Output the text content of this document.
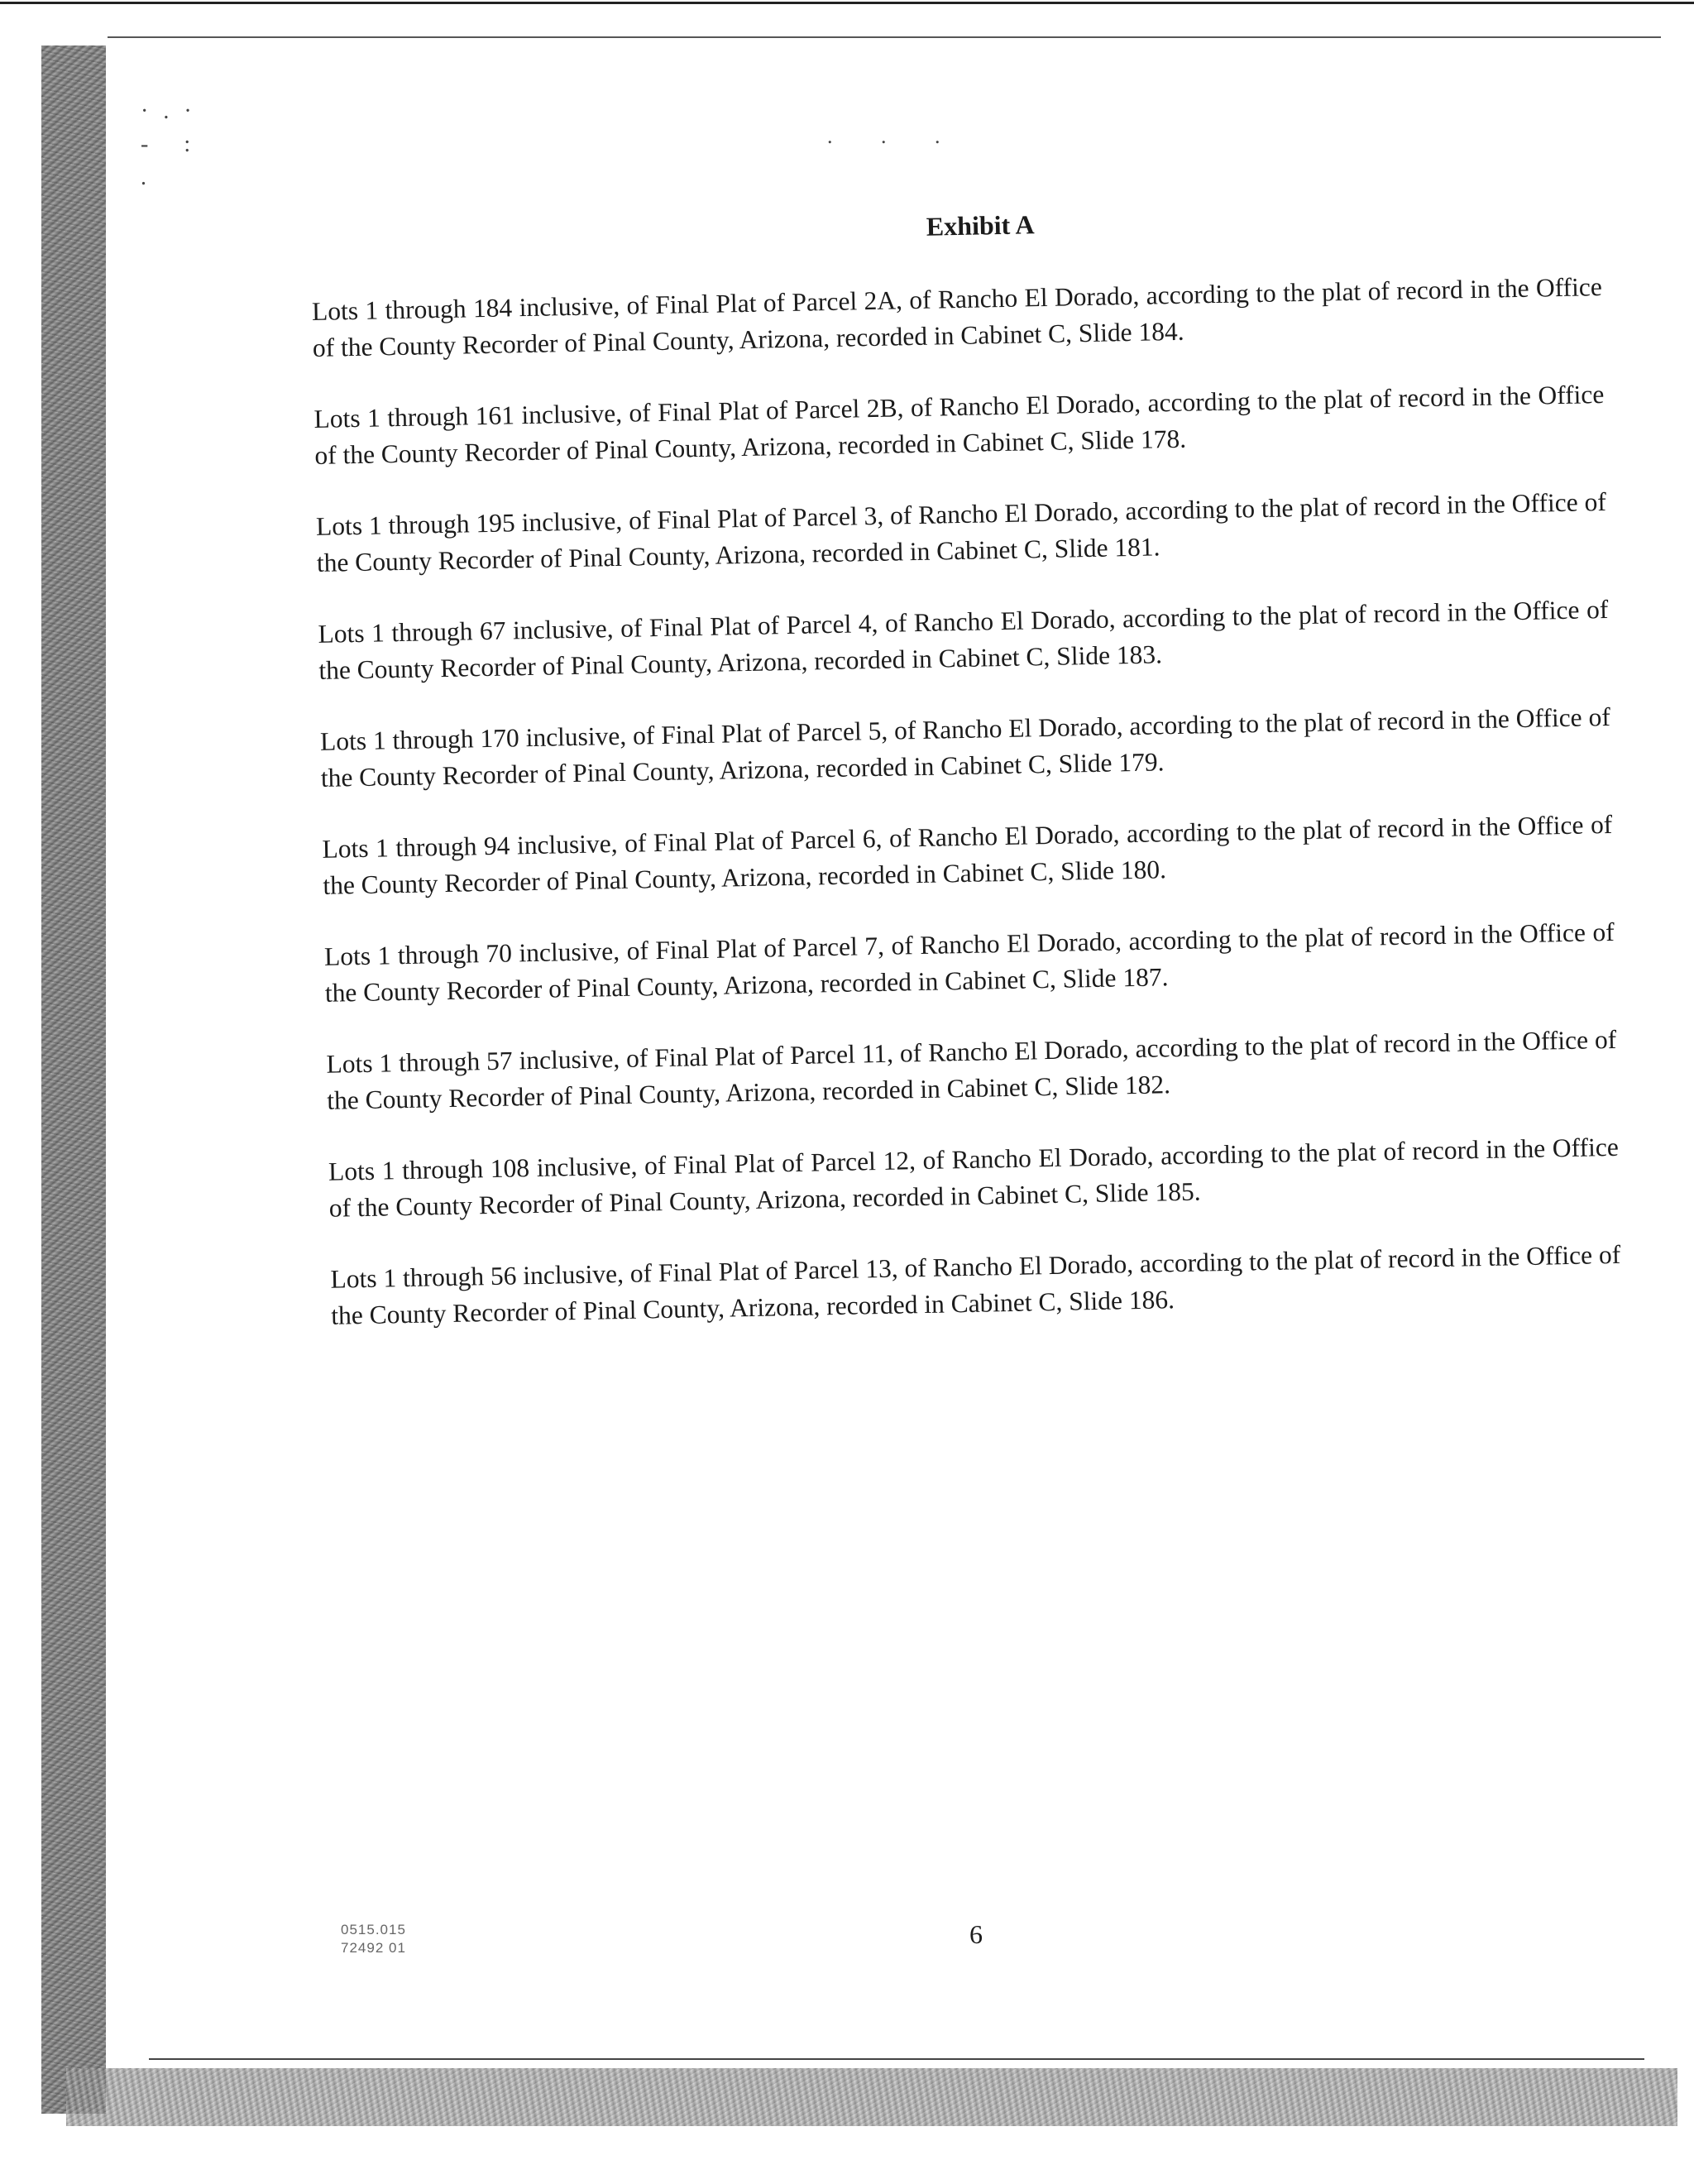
·.·
- :
.
. . .
Exhibit A

Lots 1 through 184 inclusive, of Final Plat of Parcel 2A, of Rancho El Dorado, according to the plat of record in the Office of the County Recorder of Pinal County, Arizona, recorded in Cabinet C, Slide 184.

Lots 1 through 161 inclusive, of Final Plat of Parcel 2B, of Rancho El Dorado, according to the plat of record in the Office of the County Recorder of Pinal County, Arizona, recorded in Cabinet C, Slide 178.

Lots 1 through 195 inclusive, of Final Plat of Parcel 3, of Rancho El Dorado, according to the plat of record in the Office of the County Recorder of Pinal County, Arizona, recorded in Cabinet C, Slide 181.

Lots 1 through 67 inclusive, of Final Plat of Parcel 4, of Rancho El Dorado, according to the plat of record in the Office of the County Recorder of Pinal County, Arizona, recorded in Cabinet C, Slide 183.

Lots 1 through 170 inclusive, of Final Plat of Parcel 5, of Rancho El Dorado, according to the plat of record in the Office of the County Recorder of Pinal County, Arizona, recorded in Cabinet C, Slide 179.

Lots 1 through 94 inclusive, of Final Plat of Parcel 6, of Rancho El Dorado, according to the plat of record in the Office of the County Recorder of Pinal County, Arizona, recorded in Cabinet C, Slide 180.

Lots 1 through 70 inclusive, of Final Plat of Parcel 7, of Rancho El Dorado, according to the plat of record in the Office of the County Recorder of Pinal County, Arizona, recorded in Cabinet C, Slide 187.

Lots 1 through 57 inclusive, of Final Plat of Parcel 11, of Rancho El Dorado, according to the plat of record in the Office of the County Recorder of Pinal County, Arizona, recorded in Cabinet C, Slide 182.

Lots 1 through 108 inclusive, of Final Plat of Parcel 12, of Rancho El Dorado, according to the plat of record in the Office of the County Recorder of Pinal County, Arizona, recorded in Cabinet C, Slide 185.

Lots 1 through 56 inclusive, of Final Plat of Parcel 13, of Rancho El Dorado, according to the plat of record in the Office of the County Recorder of Pinal County, Arizona, recorded in Cabinet C, Slide 186.

0515.015
72492 01	6
